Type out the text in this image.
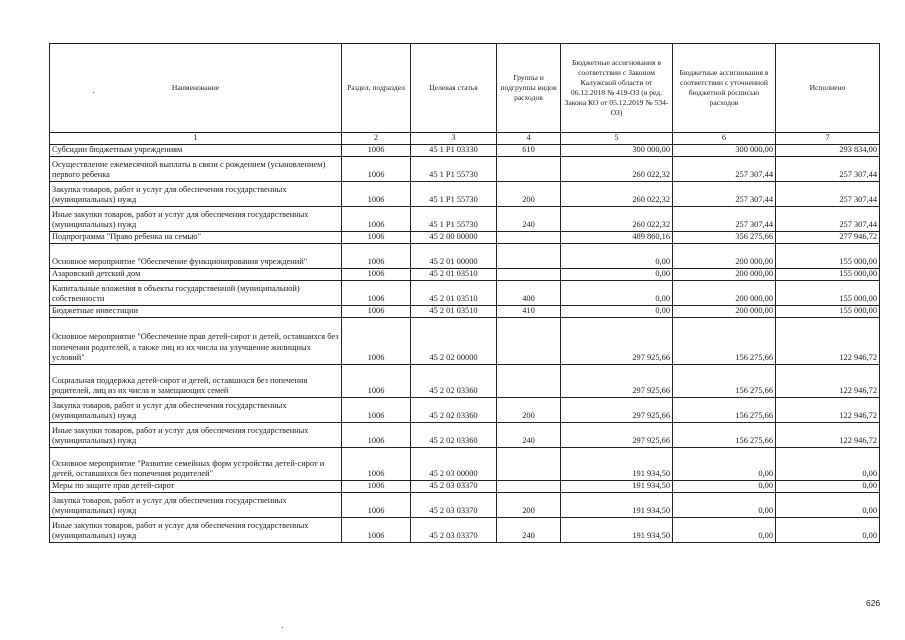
Наименование	Раздел, подраздел	Целевая статья	Группы и подгруппы видов расходов	Бюджетные ассигнования в соответствии с Законом Калужской области от 06.12.2018 № 419-ОЗ (в ред. Закона КО от 05.12.2019 № 534-ОЗ)	Бюджетные ассигнования в соответствии с уточненной бюджетной росписью расходов	Исполнено
1	2	3	4	5	6	7
Субсидии бюджетным учреждениям	1006	45 1 Р1 03330	610	300 000,00	300 000,00	293 834,00
Осуществление ежемесячной выплаты в связи с рождением (усыновлением) первого ребенка	1006	45 1 Р1 55730		260 022,32	257 307,44	257 307,44
Закупка товаров, работ и услуг для обеспечения государственных (муниципальных) нужд	1006	45 1 Р1 55730	200	260 022,32	257 307,44	257 307,44
Иные закупки товаров, работ и услуг для обеспечения государственных (муниципальных) нужд	1006	45 1 Р1 55730	240	260 022,32	257 307,44	257 307,44
Подпрограмма "Право ребенка на семью"	1006	45 2 00 00000		489 860,16	356 275,66	277 946,72
Основное мероприятие "Обеспечение функционирования учреждений"	1006	45 2 01 00000		0,00	200 000,00	155 000,00
Азаровский детский дом	1006	45 2 01 03510		0,00	200 000,00	155 000,00
Капитальные вложения в объекты государственной (муниципальной) собственности	1006	45 2 01 03510	400	0,00	200 000,00	155 000,00
Бюджетные инвестиции	1006	45 2 01 03510	410	0,00	200 000,00	155 000,00
Основное мероприятие "Обеспечение прав детей-сирот и детей, оставшихся без попечения родителей, а также лиц из их числа на улучшение жилищных условий"	1006	45 2 02 00000		297 925,66	156 275,66	122 946,72
Социальная поддержка детей-сирот и детей, оставшихся без попечения родителей, лиц из их числа и замещающих семей	1006	45 2 02 03360		297 925,66	156 275,66	122 946,72
Закупка товаров, работ и услуг для обеспечения государственных (муниципальных) нужд	1006	45 2 02 03360	200	297 925,66	156 275,66	122 946,72
Иные закупки товаров, работ и услуг для обеспечения государственных (муниципальных) нужд	1006	45 2 02 03360	240	297 925,66	156 275,66	122 946,72
Основное мероприятие "Развитие семейных форм устройства детей-сирот и детей, оставшихся без попечения родителей"	1006	45 2 03 00000		191 934,50	0,00	0,00
Меры по защите прав детей-сирот	1006	45 2 03 03370		191 934,50	0,00	0,00
Закупка товаров, работ и услуг для обеспечения государственных (муниципальных) нужд	1006	45 2 03 03370	200	191 934,50	0,00	0,00
Иные закупки товаров, работ и услуг для обеспечения государственных (муниципальных) нужд	1006	45 2 03 03370	240	191 934,50	0,00	0,00
626
